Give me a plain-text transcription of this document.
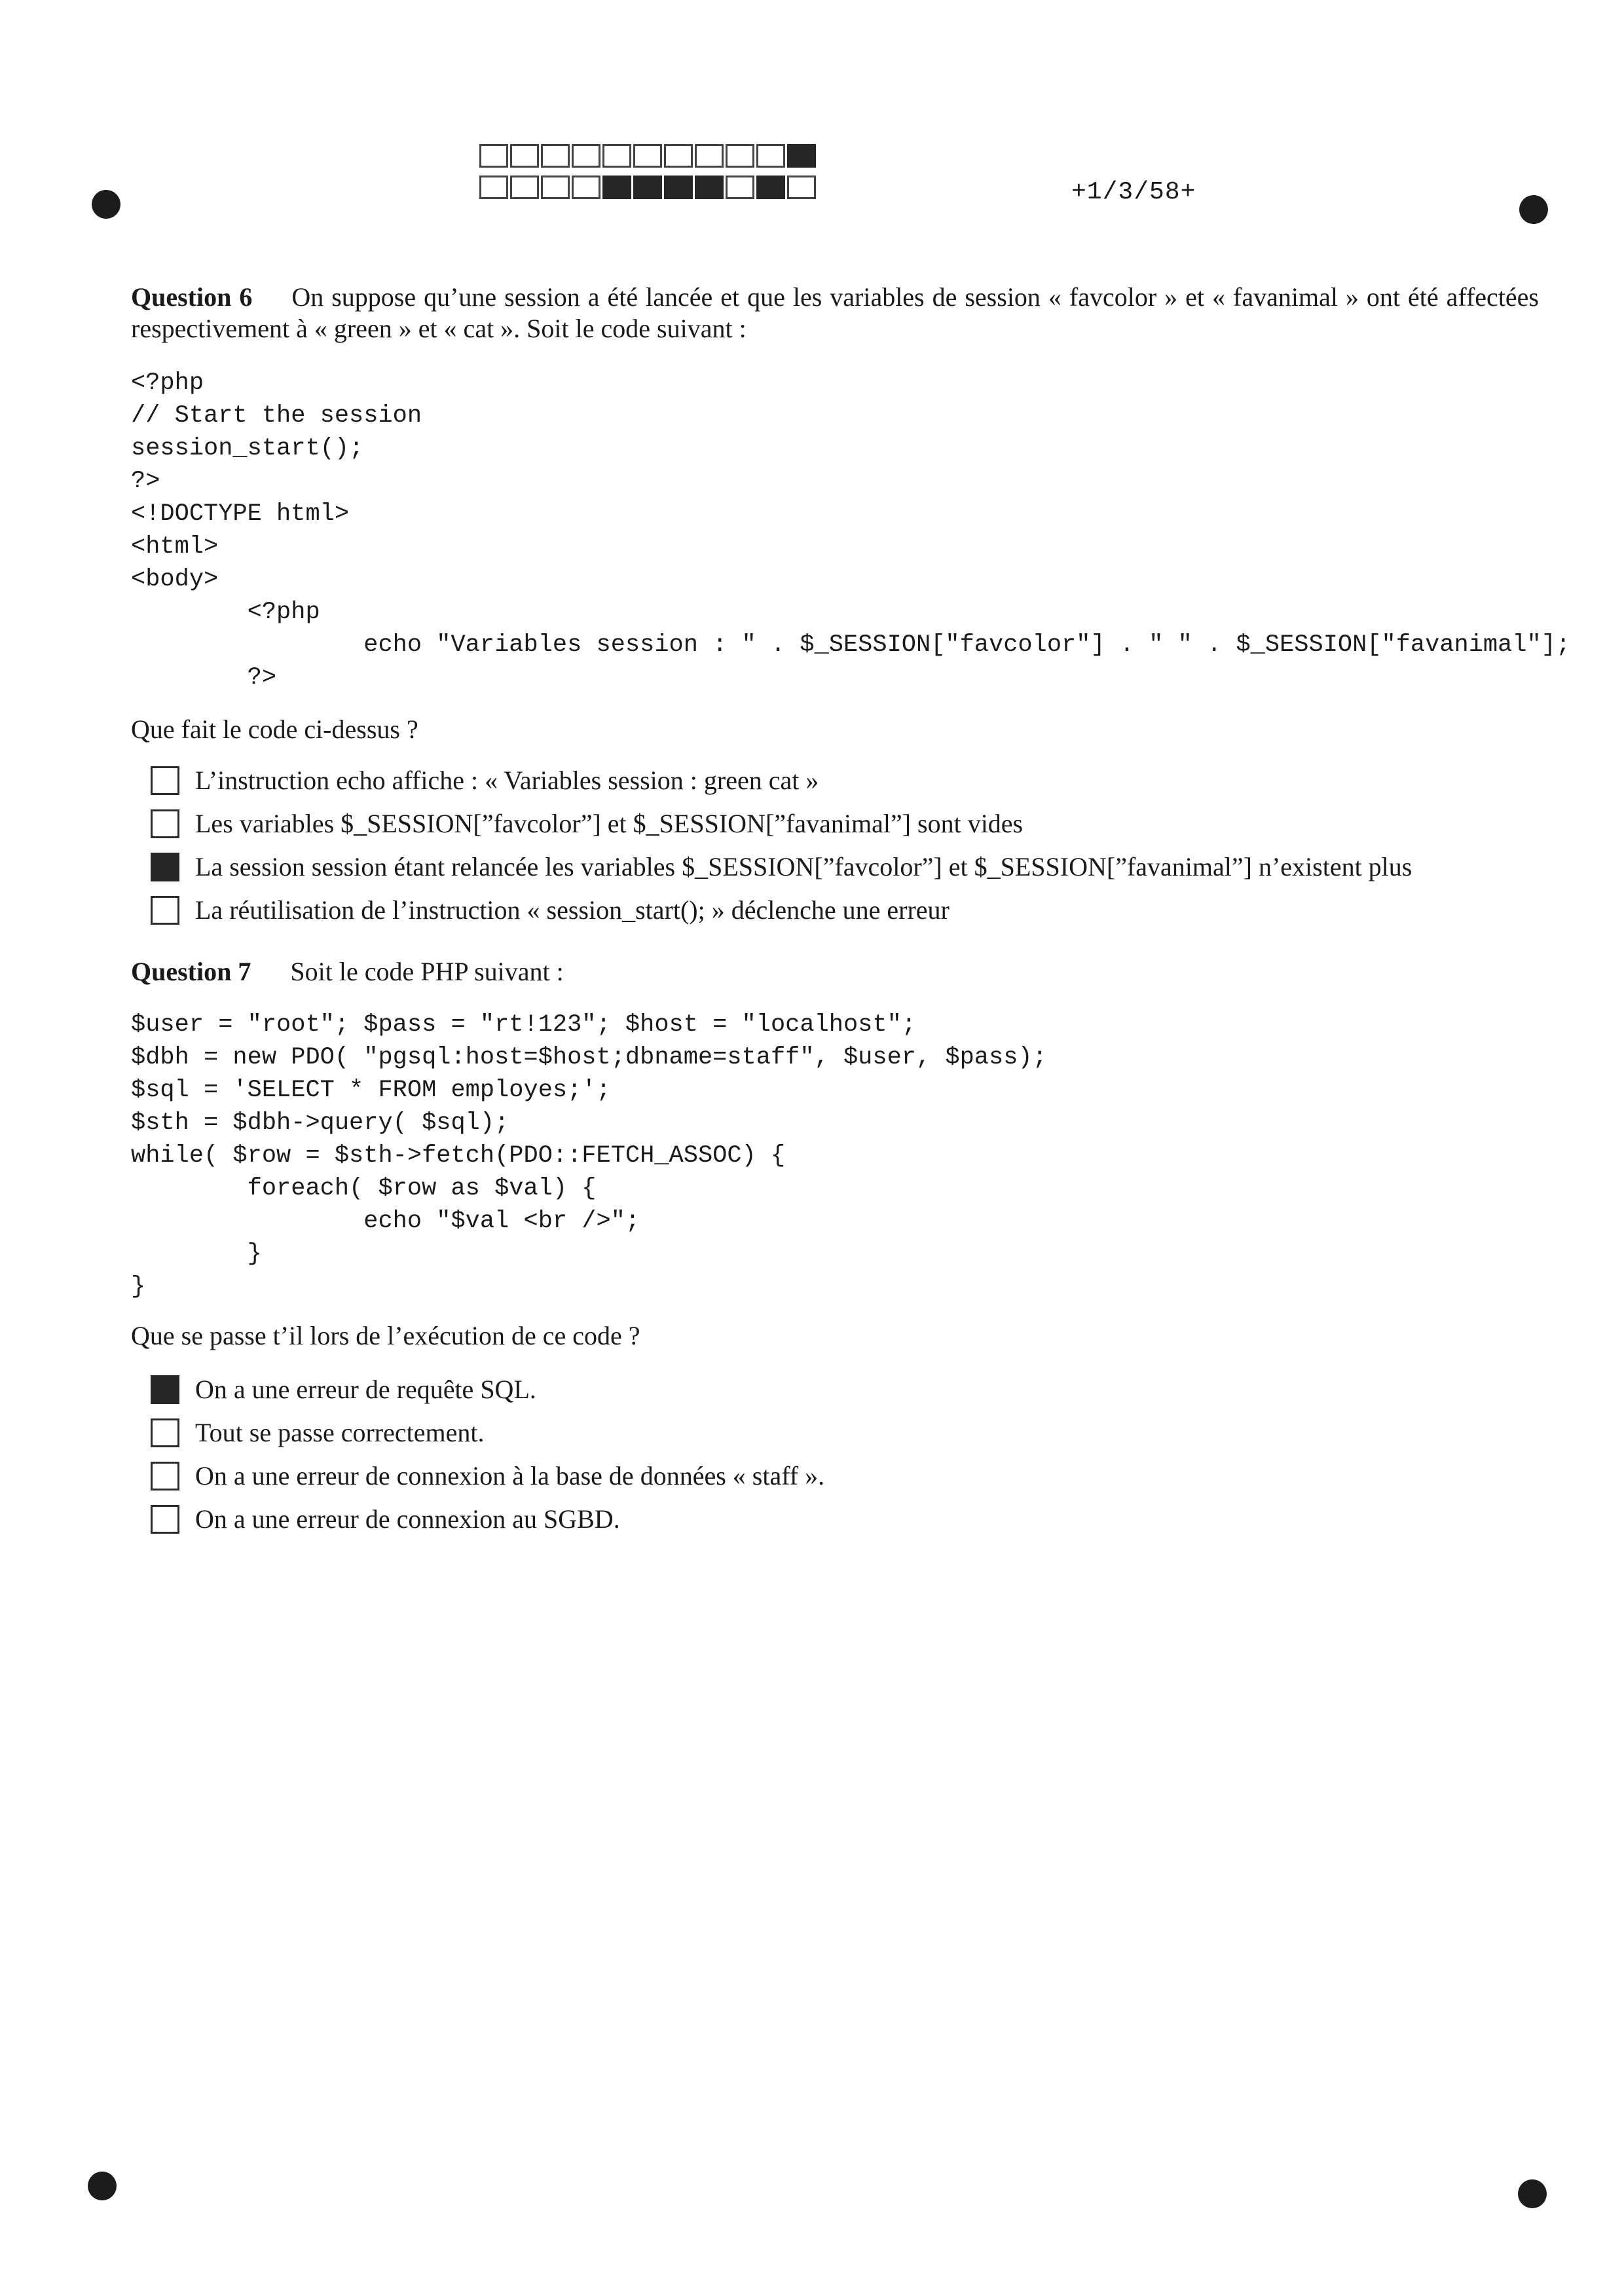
+1/3/58+
Question 6 On suppose qu’une session a été lancée et que les variables de session « favcolor » et « favanimal » ont été affectées respectivement à « green » et « cat ». Soit le code suivant :
<?php
// Start the session
session_start();
?>
<!DOCTYPE html>
<html>
<body>
<?php
echo "Variables session : " . $_SESSION["favcolor"] . " " . $_SESSION["favanimal"];
?>
Que fait le code ci-dessus ?
L’instruction echo affiche : « Variables session : green cat »
Les variables $_SESSION[”favcolor”] et $_SESSION[”favanimal”] sont vides
La session session étant relancée les variables $_SESSION[”favcolor”] et $_SESSION[”favanimal”] n’existent plus
La réutilisation de l’instruction « session_start(); » déclenche une erreur
Question 7 Soit le code PHP suivant :
$user = "root"; $pass = "rt!123"; $host = "localhost";
$dbh = new PDO( "pgsql:host=$host;dbname=staff", $user, $pass);
$sql = 'SELECT * FROM employes;';
$sth = $dbh->query( $sql);
while( $row = $sth->fetch(PDO::FETCH_ASSOC) {
foreach( $row as $val) {
echo "$val <br />";
}
}
Que se passe t’il lors de l’exécution de ce code ?
On a une erreur de requête SQL.
Tout se passe correctement.
On a une erreur de connexion à la base de données « staff ».
On a une erreur de connexion au SGBD.
